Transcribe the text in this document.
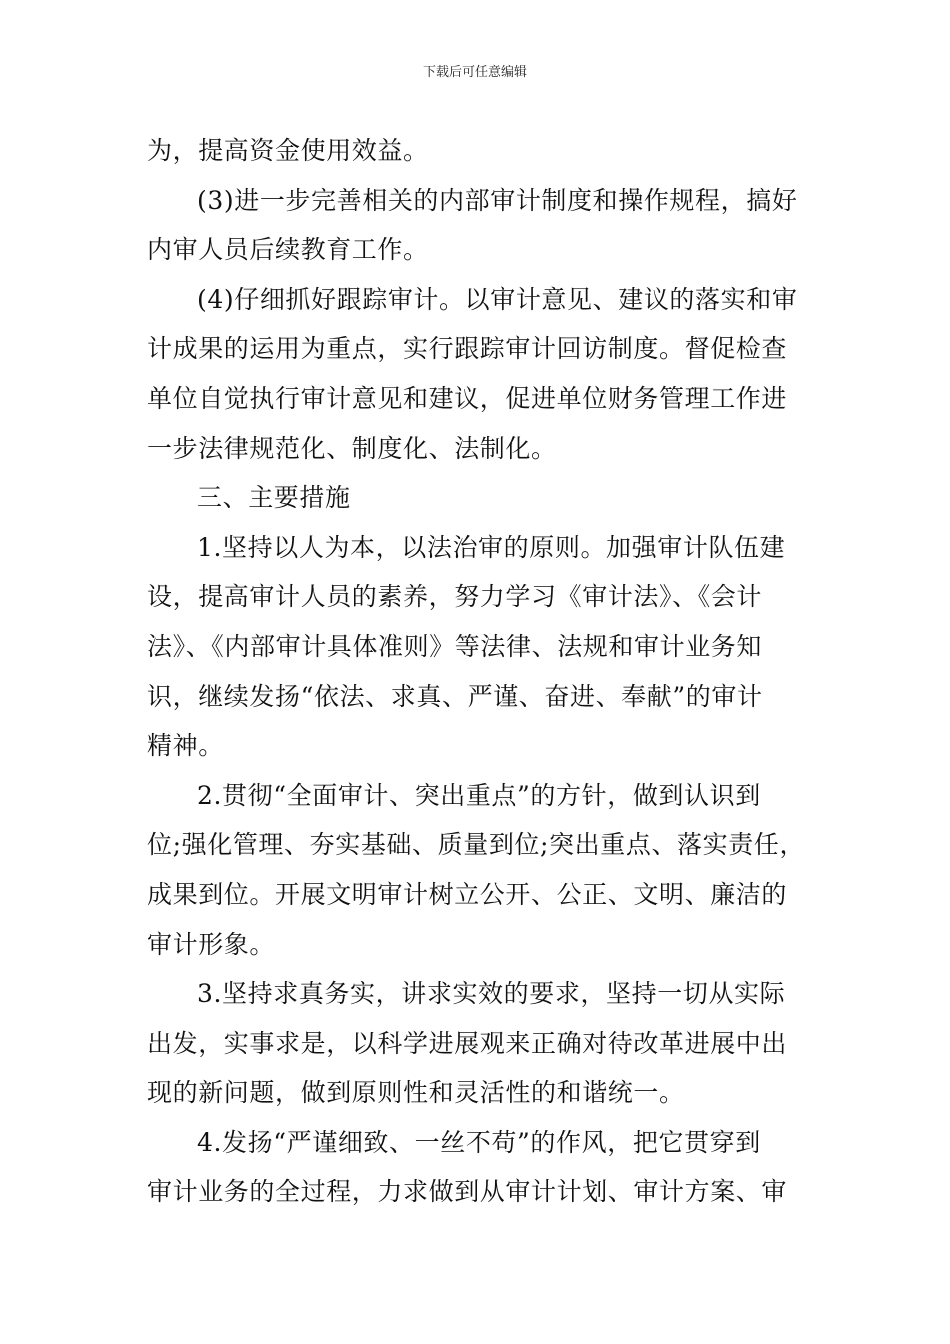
下载后可任意编辑
为，提高资金使用效益。
(3)进一步完善相关的内部审计制度和操作规程，搞好
内审人员后续教育工作。
(4)仔细抓好跟踪审计。以审计意见、建议的落实和审
计成果的运用为重点，实行跟踪审计回访制度。督促检查
单位自觉执行审计意见和建议，促进单位财务管理工作进
一步法律规范化、制度化、法制化。
三、主要措施
1.坚持以人为本，以法治审的原则。加强审计队伍建
设，提高审计人员的素养，努力学习《审计法》、《会计
法》、《内部审计具体准则》等法律、法规和审计业务知
识，继续发扬“依法、求真、严谨、奋进、奉献”的审计
精神。
2.贯彻“全面审计、突出重点”的方针，做到认识到
位;强化管理、夯实基础、质量到位;突出重点、落实责任，
成果到位。开展文明审计树立公开、公正、文明、廉洁的
审计形象。
3.坚持求真务实，讲求实效的要求，坚持一切从实际
出发，实事求是，以科学进展观来正确对待改革进展中出
现的新问题，做到原则性和灵活性的和谐统一。
4.发扬“严谨细致、一丝不苟”的作风，把它贯穿到
审计业务的全过程，力求做到从审计计划、审计方案、审
